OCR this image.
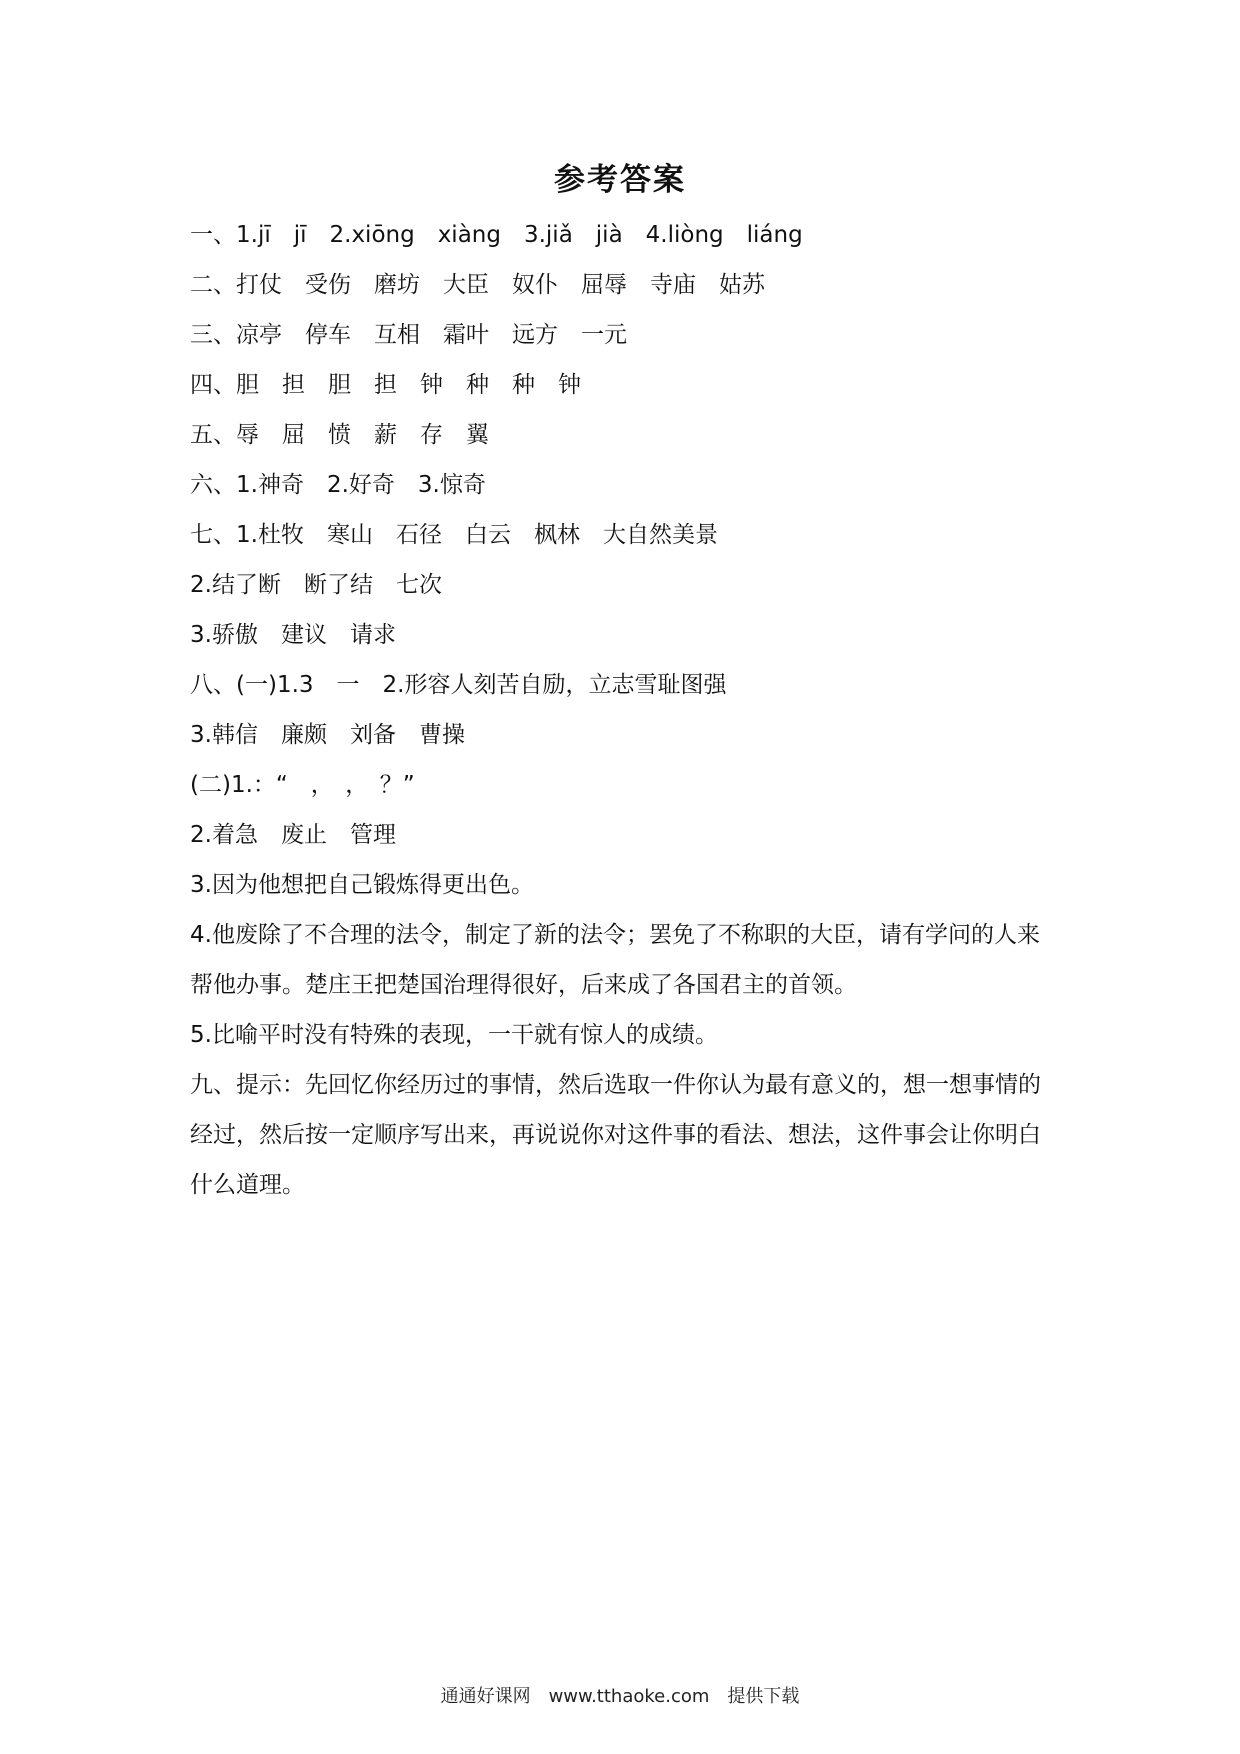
参考答案
一、1.jī　jī　2.xiōng　xiàng　3.jiǎ　jià　4.liòng　liáng
二、打仗　受伤　磨坊　大臣　奴仆　屈辱　寺庙　姑苏
三、凉亭　停车　互相　霜叶　远方　一元
四、胆　担　胆　担　钟　种　种　钟
五、辱　屈　愤　薪　存　翼
六、1.神奇　2.好奇　3.惊奇
七、1.杜牧　寒山　石径　白云　枫林　大自然美景
2.结了断　断了结　七次
3.骄傲　建议　请求
八、(一)1.3　一　2.形容人刻苦自励，立志雪耻图强
3.韩信　廉颇　刘备　曹操
(二)1.：“　，　，　？”
2.着急　废止　管理
3.因为他想把自己锻炼得更出色。
4.他废除了不合理的法令，制定了新的法令；罢免了不称职的大臣，请有学问的人来帮他办事。楚庄王把楚国治理得很好，后来成了各国君主的首领。
5.比喻平时没有特殊的表现，一干就有惊人的成绩。
九、提示：先回忆你经历过的事情，然后选取一件你认为最有意义的，想一想事情的经过，然后按一定顺序写出来，再说说你对这件事的看法、想法，这件事会让你明白什么道理。
通通好课网　www.tthaoke.com　提供下载
